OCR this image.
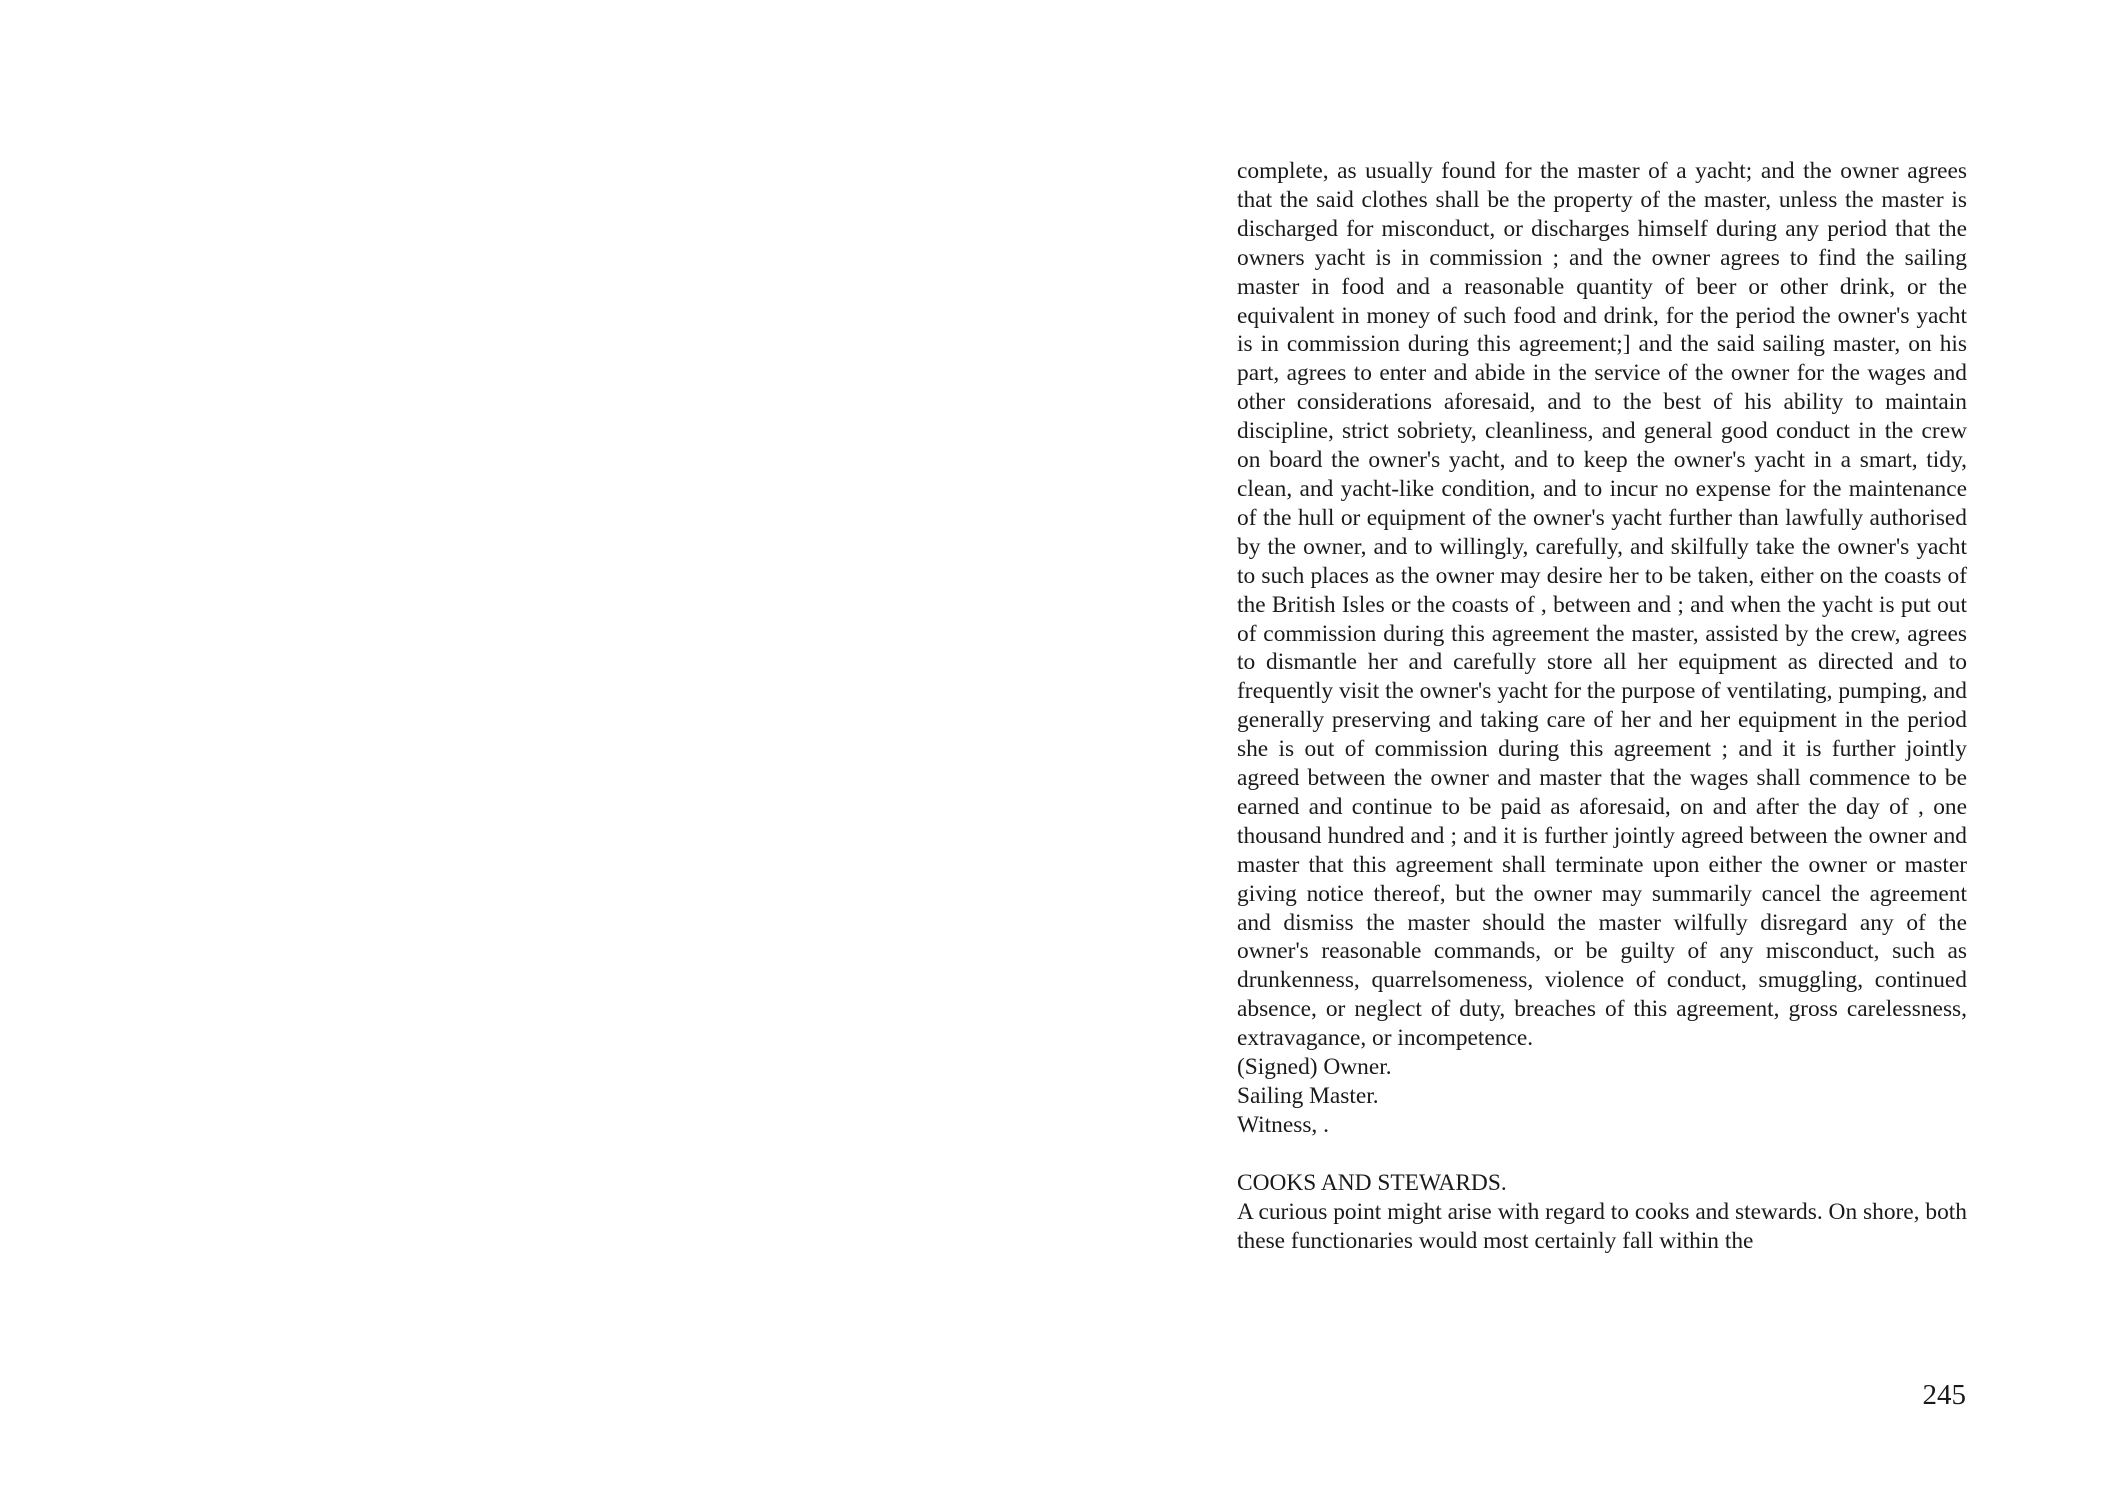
complete, as usually found for the master of a yacht; and the owner agrees that the said clothes shall be the property of the master, unless the master is discharged for misconduct, or discharges himself during any period that the owners yacht is in commission ; and the owner agrees to find the sailing master in food and a reasonable quantity of beer or other drink, or the equivalent in money of such food and drink, for the period the owner's yacht is in commission during this agreement;] and the said sailing master, on his part, agrees to enter and abide in the service of the owner for the wages and other considerations aforesaid, and to the best of his ability to maintain discipline, strict sobriety, cleanliness, and general good conduct in the crew on board the owner's yacht, and to keep the owner's yacht in a smart, tidy, clean, and yacht-like condition, and to incur no expense for the maintenance of the hull or equipment of the owner's yacht further than lawfully authorised by the owner, and to willingly, carefully, and skilfully take the owner's yacht to such places as the owner may desire her to be taken, either on the coasts of the British Isles or the coasts of , between and ; and when the yacht is put out of commission during this agreement the master, assisted by the crew, agrees to dismantle her and carefully store all her equipment as directed and to frequently visit the owner's yacht for the purpose of ventilating, pumping, and generally preserving and taking care of her and her equipment in the period she is out of commission during this agreement ; and it is further jointly agreed between the owner and master that the wages shall commence to be earned and continue to be paid as aforesaid, on and after the day of , one thousand hundred and ; and it is further jointly agreed between the owner and master that this agreement shall terminate upon either the owner or master giving notice thereof, but the owner may summarily cancel the agreement and dismiss the master should the master wilfully disregard any of the owner's reasonable commands, or be guilty of any misconduct, such as drunkenness, quarrelsomeness, violence of conduct, smuggling, continued absence, or neglect of duty, breaches of this agreement, gross carelessness, extravagance, or incompetence.

(Signed) Owner.
Sailing Master.
Witness, .
COOKS AND STEWARDS.

A curious point might arise with regard to cooks and stewards. On shore, both these functionaries would most certainly fall within the

245
